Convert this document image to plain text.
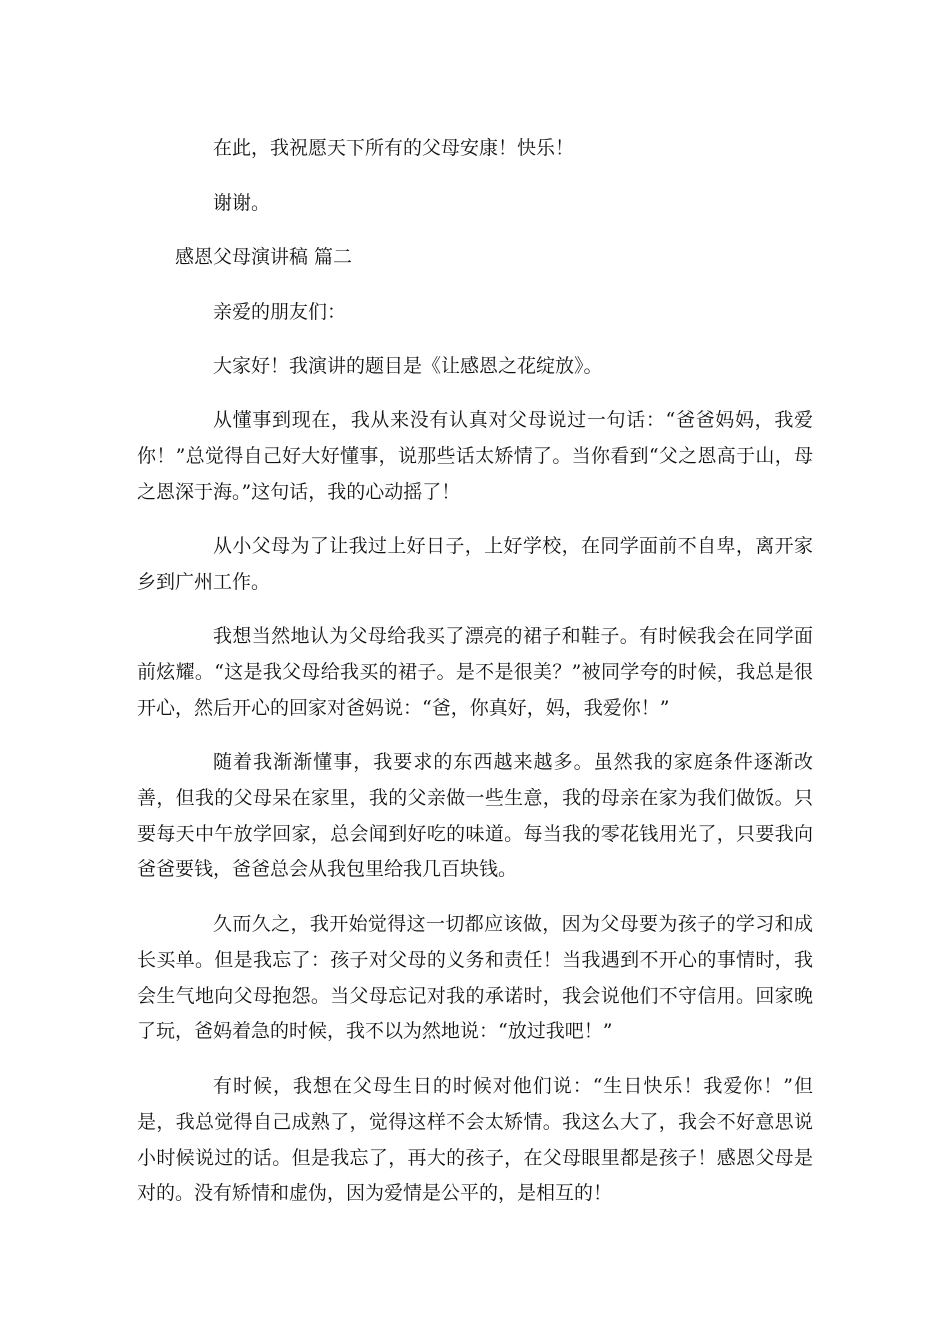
在此，我祝愿天下所有的父母安康！快乐！

谢谢。

感恩父母演讲稿 篇二

亲爱的朋友们：

大家好！我演讲的题目是《让感恩之花绽放》。

从懂事到现在，我从来没有认真对父母说过一句话：“爸爸妈妈，我爱你！”总觉得自己好大好懂事，说那些话太矫情了。当你看到“父之恩高于山，母之恩深于海。”这句话，我的心动摇了！

从小父母为了让我过上好日子，上好学校，在同学面前不自卑，离开家乡到广州工作。

我想当然地认为父母给我买了漂亮的裙子和鞋子。有时候我会在同学面前炫耀。“这是我父母给我买的裙子。是不是很美？”被同学夸的时候，我总是很开心，然后开心的回家对爸妈说：“爸，你真好，妈，我爱你！”

随着我渐渐懂事，我要求的东西越来越多。虽然我的家庭条件逐渐改善，但我的父母呆在家里，我的父亲做一些生意，我的母亲在家为我们做饭。只要每天中午放学回家，总会闻到好吃的味道。每当我的零花钱用光了，只要我向爸爸要钱，爸爸总会从我包里给我几百块钱。

久而久之，我开始觉得这一切都应该做，因为父母要为孩子的学习和成长买单。但是我忘了：孩子对父母的义务和责任！当我遇到不开心的事情时，我会生气地向父母抱怨。当父母忘记对我的承诺时，我会说他们不守信用。回家晚了玩，爸妈着急的时候，我不以为然地说：“放过我吧！”

有时候，我想在父母生日的时候对他们说：“生日快乐！我爱你！”但是，我总觉得自己成熟了，觉得这样不会太矫情。我这么大了，我会不好意思说小时候说过的话。但是我忘了，再大的孩子，在父母眼里都是孩子！感恩父母是对的。没有矫情和虚伪，因为爱情是公平的，是相互的！
